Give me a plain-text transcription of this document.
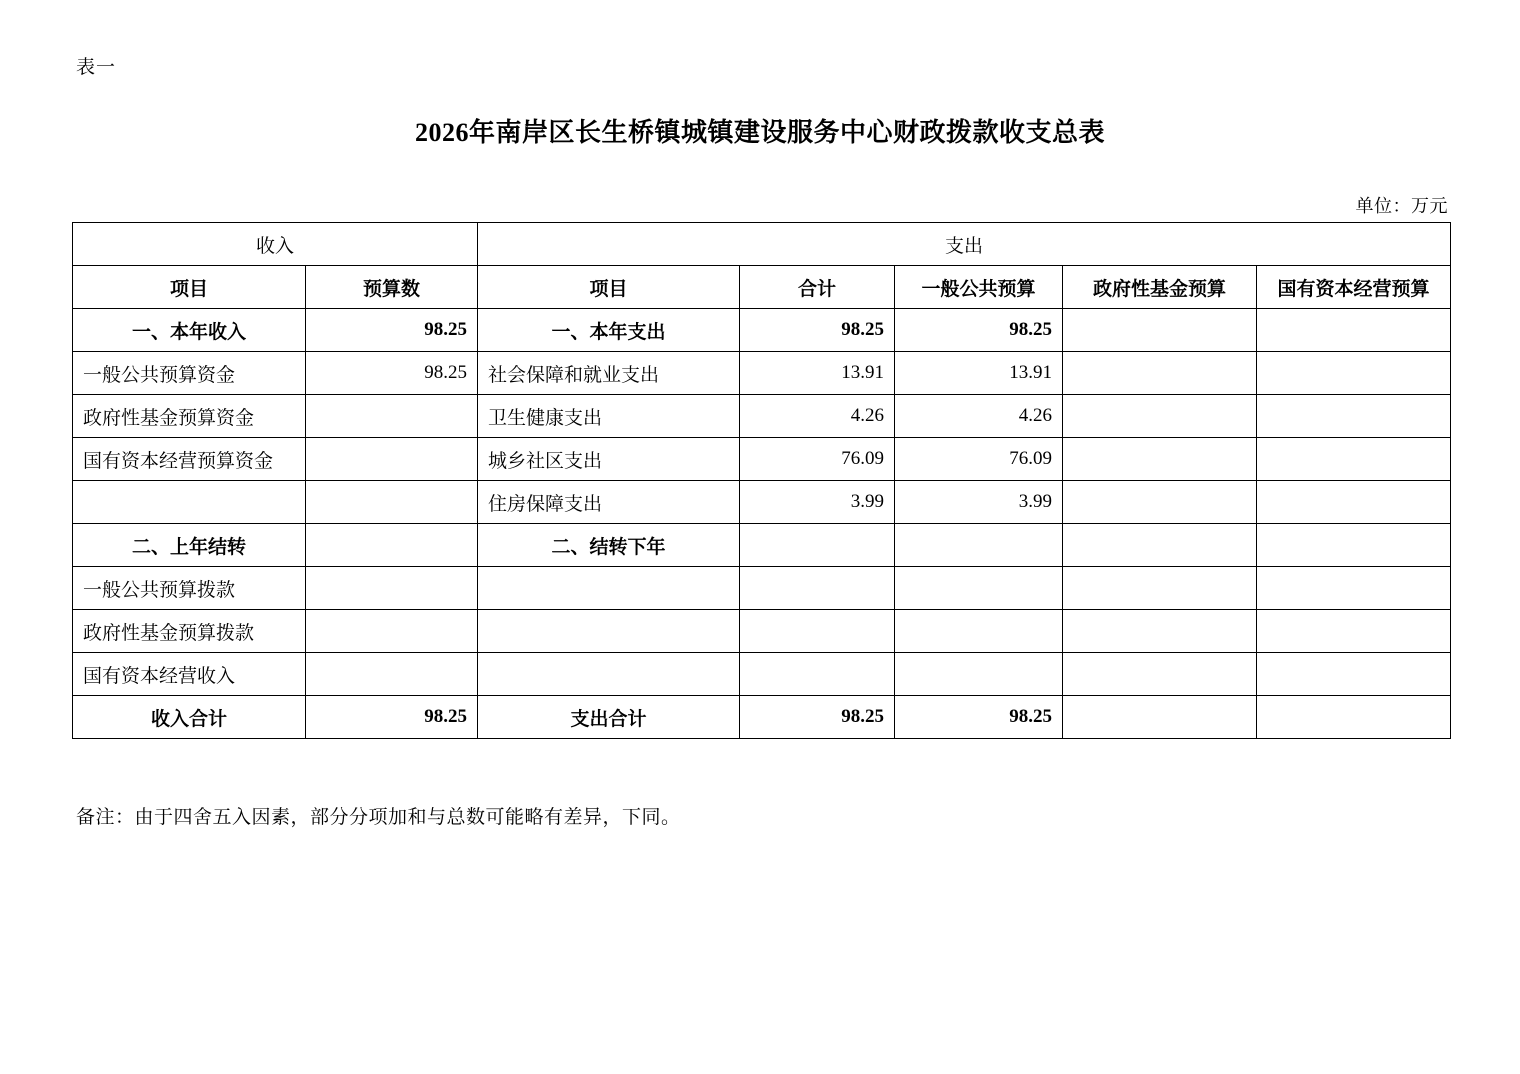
表一
2026年南岸区长生桥镇城镇建设服务中心财政拨款收支总表
单位：万元
收入		支出				
项目	预算数	项目	合计	一般公共预算	政府性基金预算	国有资本经营预算
一、本年收入	98.25	一、本年支出	98.25	98.25		
一般公共预算资金	98.25	社会保障和就业支出	13.91	13.91		
政府性基金预算资金		卫生健康支出	4.26	4.26		
国有资本经营预算资金		城乡社区支出	76.09	76.09		
		住房保障支出	3.99	3.99		
二、上年结转		二、结转下年				
一般公共预算拨款						
政府性基金预算拨款						
国有资本经营收入						
收入合计	98.25	支出合计	98.25	98.25		
备注：由于四舍五入因素，部分分项加和与总数可能略有差异，下同。
